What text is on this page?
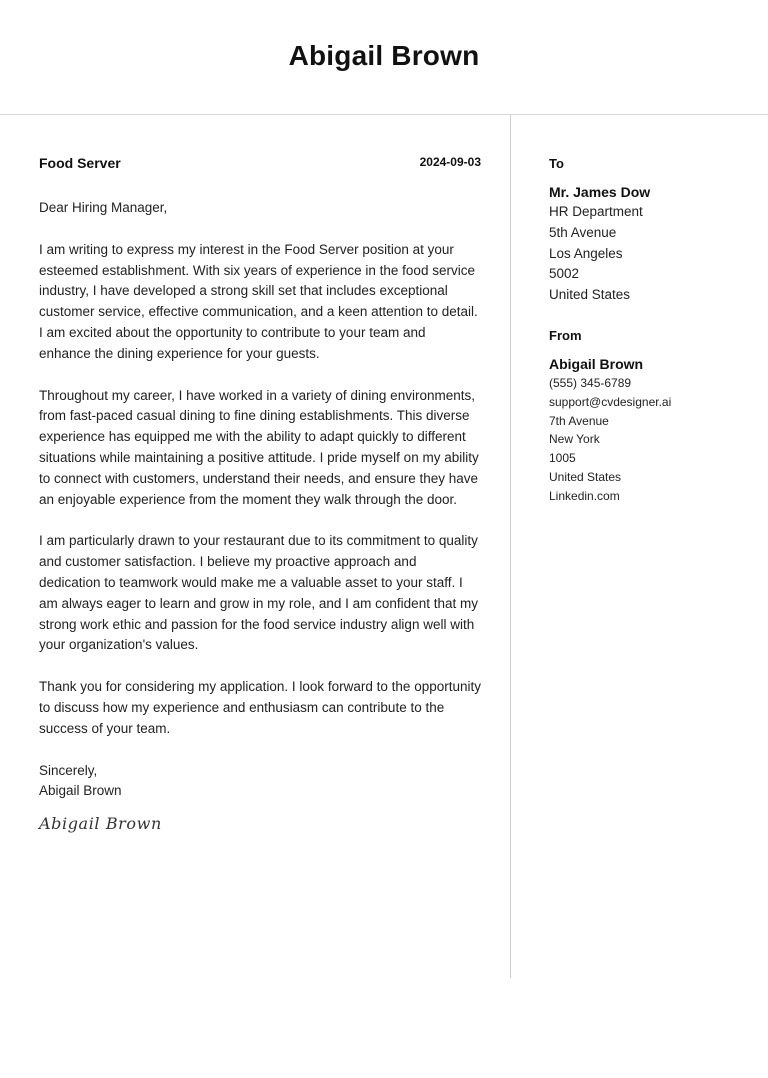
Abigail Brown
Food Server	2024-09-03

Dear Hiring Manager,

I am writing to express my interest in the Food Server position at your esteemed establishment. With six years of experience in the food service industry, I have developed a strong skill set that includes exceptional customer service, effective communication, and a keen attention to detail. I am excited about the opportunity to contribute to your team and enhance the dining experience for your guests.

Throughout my career, I have worked in a variety of dining environments, from fast-paced casual dining to fine dining establishments. This diverse experience has equipped me with the ability to adapt quickly to different situations while maintaining a positive attitude. I pride myself on my ability to connect with customers, understand their needs, and ensure they have an enjoyable experience from the moment they walk through the door.

I am particularly drawn to your restaurant due to its commitment to quality and customer satisfaction. I believe my proactive approach and dedication to teamwork would make me a valuable asset to your staff. I am always eager to learn and grow in my role, and I am confident that my strong work ethic and passion for the food service industry align well with your organization's values.

Thank you for considering my application. I look forward to the opportunity to discuss how my experience and enthusiasm can contribute to the success of your team.

Sincerely,
Abigail Brown
Abigail Brown
To
Mr. James Dow
HR Department
5th Avenue
Los Angeles
5002
United States
From
Abigail Brown
(555) 345-6789
support@cvdesigner.ai
7th Avenue
New York
1005
United States
Linkedin.com
